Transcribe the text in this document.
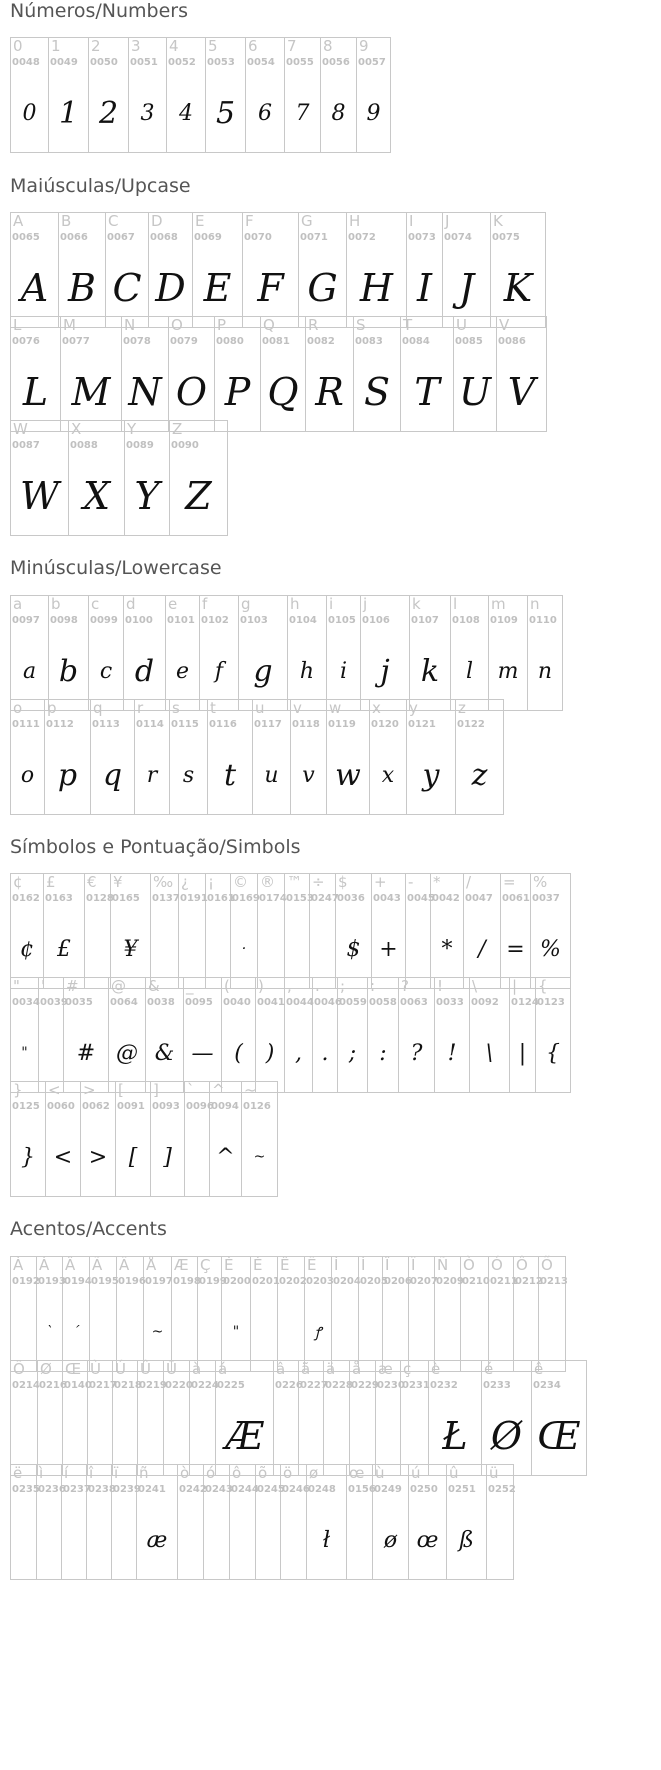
Números/Numbers
0
0048
0
1
0049
1
2
0050
2
3
0051
3
4
0052
4
5
0053
5
6
0054
6
7
0055
7
8
0056
8
9
0057
9
Maiúsculas/Upcase
A
0065
A
B
0066
B
C
0067
C
D
0068
D
E
0069
E
F
0070
F
G
0071
G
H
0072
H
I
0073
I
J
0074
J
K
0075
K
L
0076
L
M
0077
M
N
0078
N
O
0079
O
P
0080
P
Q
0081
Q
R
0082
R
S
0083
S
T
0084
T
U
0085
U
V
0086
V
W
0087
W
X
0088
X
Y
0089
Y
Z
0090
Z
Minúsculas/Lowercase
a
0097
a
b
0098
b
c
0099
c
d
0100
d
e
0101
e
f
0102
f
g
0103
g
h
0104
h
i
0105
i
j
0106
j
k
0107
k
l
0108
l
m
0109
m
n
0110
n
o
0111
o
p
0112
p
q
0113
q
r
0114
r
s
0115
s
t
0116
t
u
0117
u
v
0118
v
w
0119
w
x
0120
x
y
0121
y
z
0122
z
Símbolos e Pontuação/Simbols
¢
0162
¢
£
0163
£
€
0128
¥
0165
¥
‰
0137
¿
0191
¡
0161
©
0169
·
®
0174
™
0153
÷
0247
$
0036
$
+
0043
+
-
0045
*
0042
*
/
0047
/
=
0061
=
%
0037
%
"
0034
"
'
0039
#
0035
#
@
0064
@
&
0038
&
_
0095
—
(
0040
(
)
0041
)
,
0044
,
.
0046
.
;
0059
;
:
0058
:
?
0063
?
!
0033
!
\
0092
\
|
0124
|
{
0123
{
}
0125
}
<
0060
<
>
0062
>
[
0091
[
]
0093
]
`
0096
^
0094
^
~
0126
~
Acentos/Accents
À
0192
Á
0193
`
Â
0194
´
Ã
0195
Ä
0196
Å
0197
~
Æ
0198
Ç
0199
È
0200
"
É
0201
Ê
0202
Ë
0203
ꝭ
Ì
0204
Í
0205
Î
0206
Ï
0207
Ñ
0209
Ò
0210
Ó
0211
Ô
0212
Õ
0213
Ö
0214
Ø
0216
Œ
0140
Ù
0217
Ú
0218
Û
0219
Ü
0220
à
0224
á
0225
Æ
â
0226
ã
0227
ä
0228
å
0229
æ
0230
ç
0231
è
0232
Ł
é
0233
Ø
ê
0234
Œ
ë
0235
ì
0236
í
0237
î
0238
ï
0239
ñ
0241
æ
ò
0242
ó
0243
ô
0244
õ
0245
ö
0246
ø
0248
ł
œ
0156
ù
0249
ø
ú
0250
œ
û
0251
ß
ü
0252
